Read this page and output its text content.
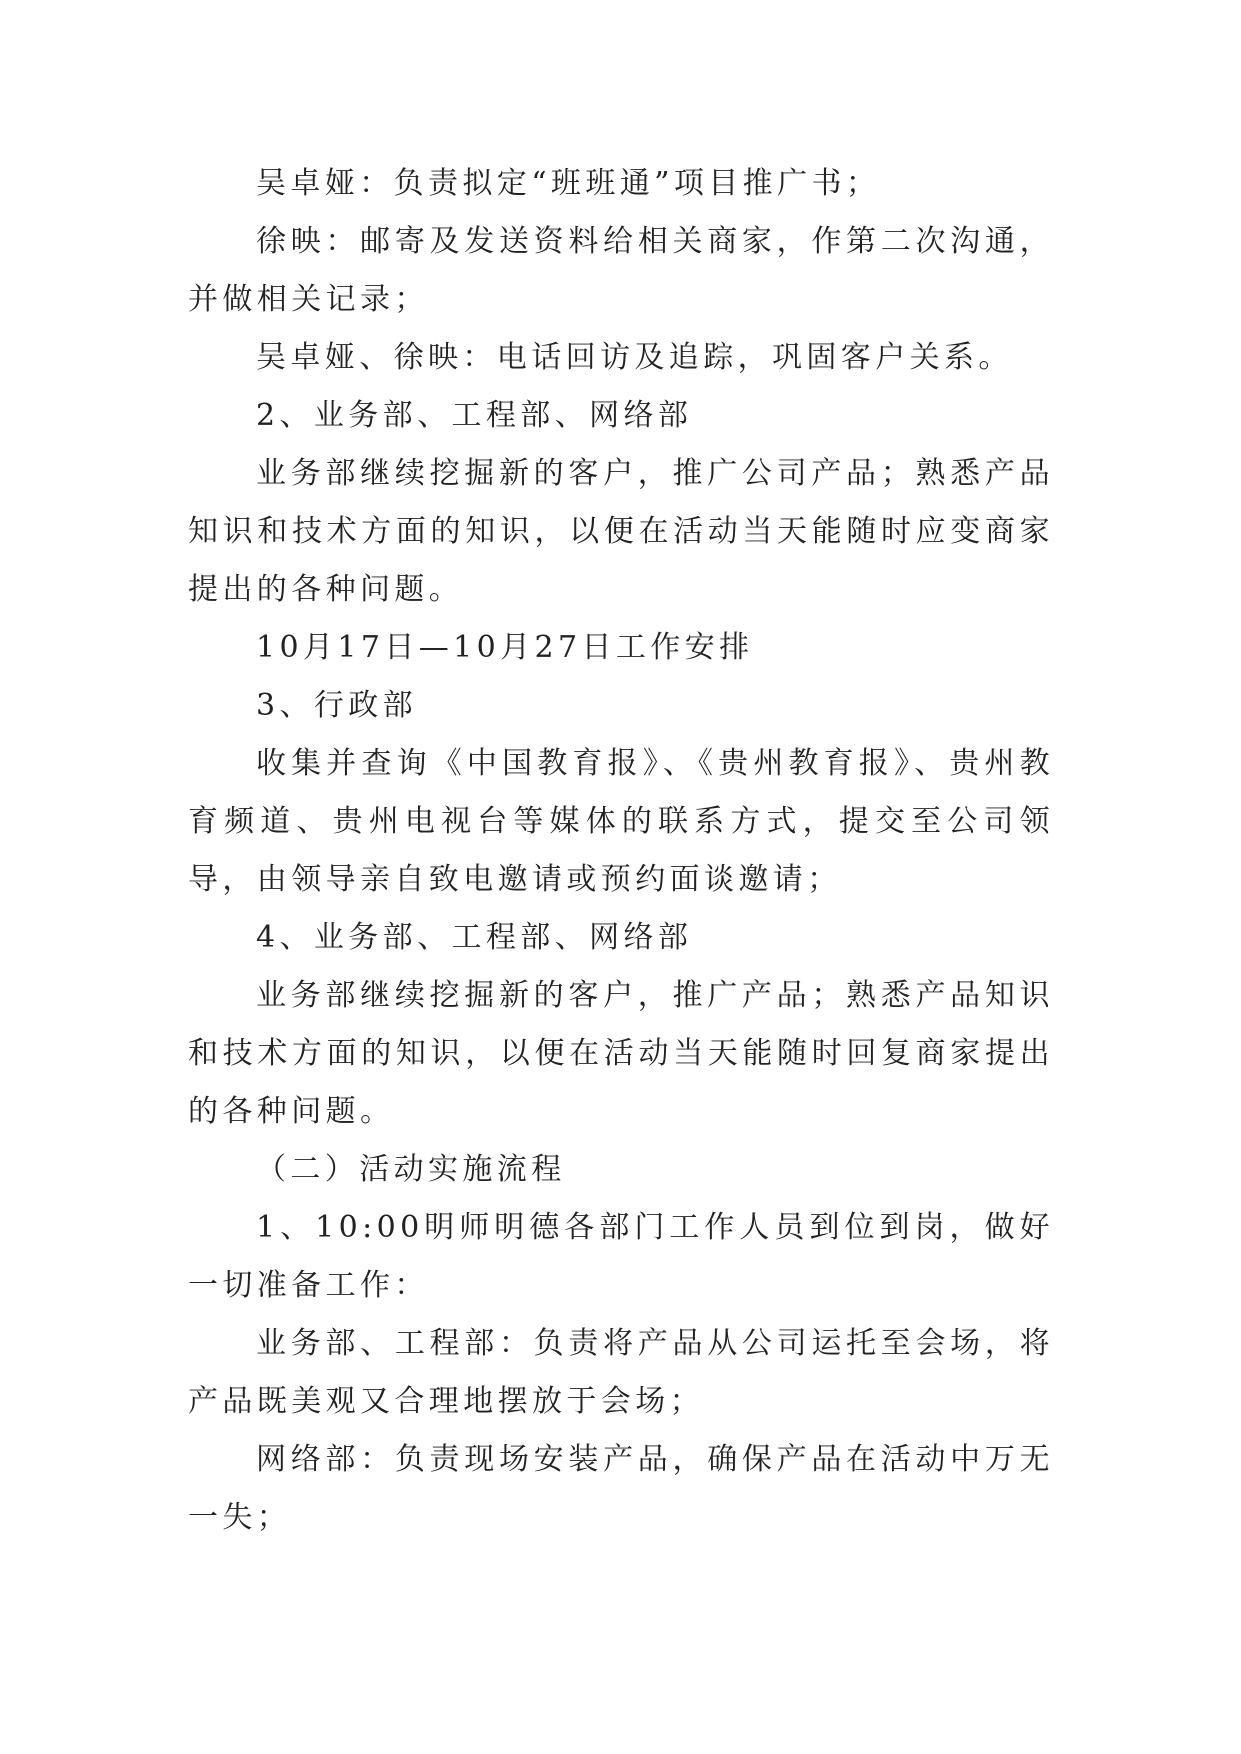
吴卓娅：负责拟定“班班通”项目推广书；

徐映：邮寄及发送资料给相关商家，作第二次沟通，并做相关记录；

吴卓娅、徐映：电话回访及追踪，巩固客户关系。

2、业务部、工程部、网络部

业务部继续挖掘新的客户，推广公司产品；熟悉产品知识和技术方面的知识，以便在活动当天能随时应变商家提出的各种问题。

10月17日—10月27日工作安排

3、行政部

收集并查询《中国教育报》、《贵州教育报》、贵州教育频道、贵州电视台等媒体的联系方式，提交至公司领导，由领导亲自致电邀请或预约面谈邀请；

4、业务部、工程部、网络部

业务部继续挖掘新的客户，推广产品；熟悉产品知识和技术方面的知识，以便在活动当天能随时回复商家提出的各种问题。

（二）活动实施流程

1、10:00明师明德各部门工作人员到位到岗，做好一切准备工作：

业务部、工程部：负责将产品从公司运托至会场，将产品既美观又合理地摆放于会场；

网络部：负责现场安装产品，确保产品在活动中万无一失；
